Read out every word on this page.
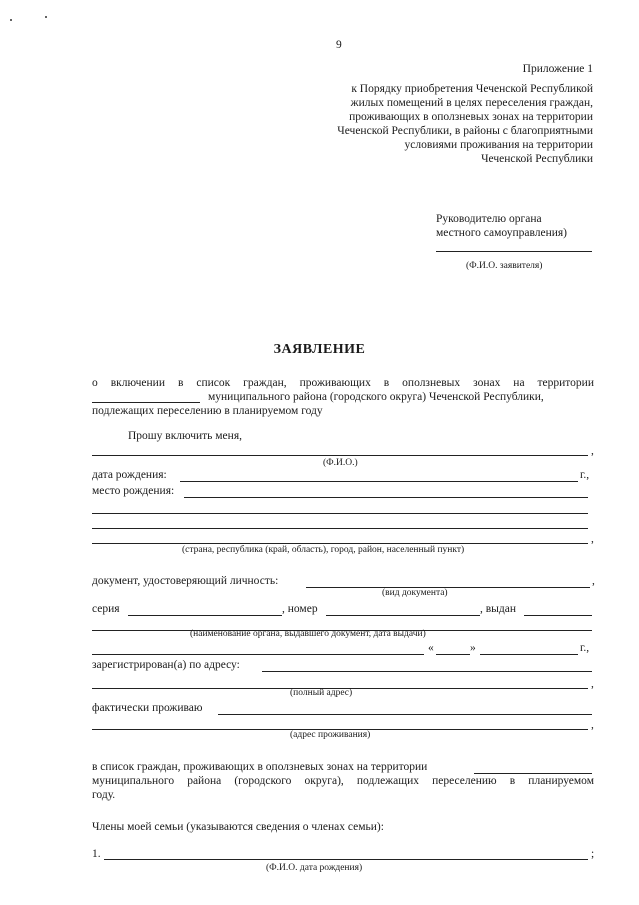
9
Приложение 1
к Порядку приобретения Чеченской Республикой
жилых помещений в целях переселения граждан,
проживающих в оползневых зонах на территории
Чеченской Республики, в районы с благоприятными
условиями проживания на территории
Чеченской Республики
Руководителю органа
местного самоуправления)
(Ф.И.О. заявителя)
ЗАЯВЛЕНИЕ
о включении в список граждан, проживающих в оползневых зонах на территории
муниципального района (городского округа) Чеченской Республики,
подлежащих переселению в планируемом году
Прошу включить меня,
,
(Ф.И.О.)
дата рождения:	г.,
место рождения:
,
(страна, республика (край, область), город, район, населенный пункт)
документ, удостоверяющий личность:	,
(вид документа)
серия	, номер	, выдан
(наименование органа, выдавшего документ, дата выдачи)
«	»	г.,
зарегистрирован(а) по адресу:
,
(полный адрес)
фактически проживаю
,
(адрес проживания)
в список граждан, проживающих в оползневых зонах на территории
муниципального района (городского округа), подлежащих переселению в планируемом
году.
Члены моей семьи (указываются сведения о членах семьи):
1.	;
(Ф.И.О. дата рождения)
